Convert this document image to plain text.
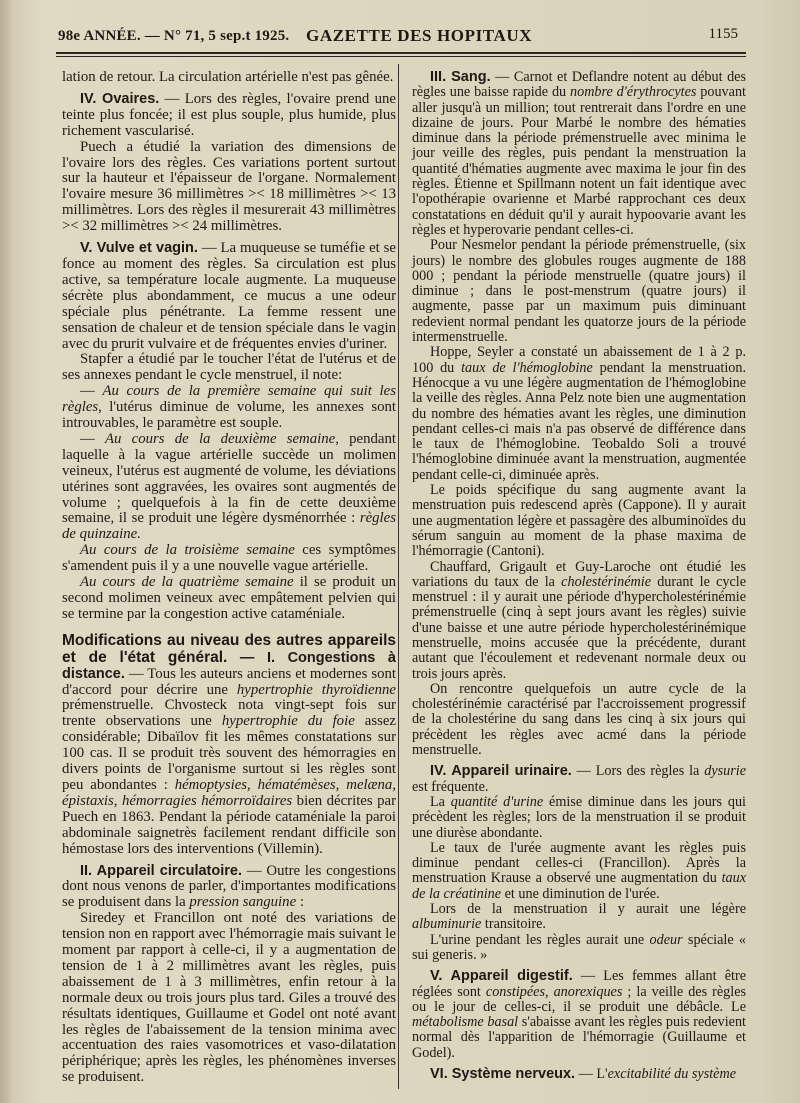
98e ANNÉE. — N° 71, 5 sep.t 1925. GAZETTE DES HOPITAUX	1155

lation de retour. La circulation artérielle n'est pas gênée.

IV. Ovaires. — Lors des règles, l'ovaire prend une teinte plus foncée; il est plus souple, plus humide, plus richement vascularisé.

Puech a étudié la variation des dimensions de l'ovaire lors des règles. Ces variations portent surtout sur la hauteur et l'épaisseur de l'organe. Normalement l'ovaire mesure 36 millimètres >< 18 millimètres >< 13 millimètres. Lors des règles il mesurerait 43 millimètres >< 32 millimètres >< 24 millimètres.

V. Vulve et vagin. — La muqueuse se tuméfie et se fonce au moment des règles. Sa circulation est plus active, sa température locale augmente. La muqueuse sécrète plus abondamment, ce mucus a une odeur spéciale plus pénétrante. La femme ressent une sensation de chaleur et de tension spéciale dans le vagin avec du prurit vulvaire et de fréquentes envies d'uriner.

Stapfer a étudié par le toucher l'état de l'utérus et de ses annexes pendant le cycle menstruel, il note:

— Au cours de la première semaine qui suit les règles, l'utérus diminue de volume, les annexes sont introuvables, le paramètre est souple.

— Au cours de la deuxième semaine, pendant laquelle à la vague artérielle succède un molimen veineux, l'utérus est augmenté de volume, les déviations utérines sont aggravées, les ovaires sont augmentés de volume ; quelquefois à la fin de cette deuxième semaine, il se produit une légère dysménorrhée : règles de quinzaine.

Au cours de la troisième semaine ces symptômes s'amendent puis il y a une nouvelle vague artérielle.

Au cours de la quatrième semaine il se produit un second molimen veineux avec empâtement pelvien qui se termine par la congestion active cataméniale.

Modifications au niveau des autres appareils et de l'état général. — I. Congestions à distance. — Tous les auteurs anciens et modernes sont d'accord pour décrire une hypertrophie thyroïdienne prémenstruelle. Chvosteck nota vingt-sept fois sur trente observations une hypertrophie du foie assez considérable; Dibaïlov fit les mêmes constatations sur 100 cas. Il se produit très souvent des hémorragies en divers points de l'organisme surtout si les règles sont peu abondantes : hémoptysies, hématémèses, melæna, épistaxis, hémorragies hémorroïdaires bien décrites par Puech en 1863. Pendant la période cataméniale la paroi abdominale saignetrès facilement rendant difficile son hémostase lors des interventions (Villemin).

II. Appareil circulatoire. — Outre les congestions dont nous venons de parler, d'importantes modifications se produisent dans la pression sanguine :

Siredey et Francillon ont noté des variations de tension non en rapport avec l'hémorragie mais suivant le moment par rapport à celle-ci, il y a augmentation de tension de 1 à 2 millimètres avant les règles, puis abaissement de 1 à 3 millimètres, enfin retour à la normale deux ou trois jours plus tard. Giles a trouvé des résultats identiques, Guillaume et Godel ont noté avant les règles de l'abaissement de la tension minima avec accentuation des raies vasomotrices et vaso-dilatation périphérique; après les règles, les phénomènes inverses se produisent.

III. Sang. — Carnot et Deflandre notent au début des règles une baisse rapide du nombre d'érythrocytes pouvant aller jusqu'à un million; tout rentrerait dans l'ordre en une dizaine de jours. Pour Marbé le nombre des hématies diminue dans la période prémenstruelle avec minima le jour veille des règles, puis pendant la menstruation la quantité d'hématies augmente avec maxima le jour fin des règles. Étienne et Spillmann notent un fait identique avec l'opothérapie ovarienne et Marbé rapprochant ces deux constatations en déduit qu'il y aurait hypoovarie avant les règles et hyperovarie pendant celles-ci.

Pour Nesmelor pendant la période prémenstruelle, (six jours) le nombre des globules rouges augmente de 188 000 ; pendant la période menstruelle (quatre jours) il diminue ; dans le post-menstrum (quatre jours) il augmente, passe par un maximum puis diminuant redevient normal pendant les quatorze jours de la période intermenstruelle.

Hoppe, Seyler a constaté un abaissement de 1 à 2 p. 100 du taux de l'hémoglobine pendant la menstruation. Hénocque a vu une légère augmentation de l'hémoglobine la veille des règles. Anna Pelz note bien une augmentation du nombre des hématies avant les règles, une diminution pendant celles-ci mais n'a pas observé de différence dans le taux de l'hémoglobine. Teobaldo Soli a trouvé l'hémoglobine diminuée avant la menstruation, augmentée pendant celle-ci, diminuée après.

Le poids spécifique du sang augmente avant la menstruation puis redescend après (Cappone). Il y aurait une augmentation légère et passagère des albuminoïdes du sérum sanguin au moment de la phase maxima de l'hémorragie (Cantoni).

Chauffard, Grigault et Guy-Laroche ont étudié les variations du taux de la cholestérinémie durant le cycle menstruel : il y aurait une période d'hypercholestérinémie prémenstruelle (cinq à sept jours avant les règles) suivie d'une baisse et une autre période hypercholestérinémique menstruelle, moins accusée que la précédente, durant autant que l'écoulement et redevenant normale deux ou trois jours après.

On rencontre quelquefois un autre cycle de la cholestérinémie caractérisé par l'accroissement progressif de la cholestérine du sang dans les cinq à six jours qui précèdent les règles avec acmé dans la période menstruelle.

IV. Appareil urinaire. — Lors des règles la dysurie est fréquente.

La quantité d'urine émise diminue dans les jours qui précèdent les règles; lors de la menstruation il se produit une diurèse abondante.

Le taux de l'urée augmente avant les règles puis diminue pendant celles-ci (Francillon). Après la menstruation Krause a observé une augmentation du taux de la créatinine et une diminution de l'urée.

Lors de la menstruation il y aurait une légère albuminurie transitoire.

L'urine pendant les règles aurait une odeur spéciale « sui generis. »

V. Appareil digestif. — Les femmes allant être réglées sont constipées, anorexiques ; la veille des règles ou le jour de celles-ci, il se produit une débâcle. Le métabolisme basal s'abaisse avant les règles puis redevient normal dès l'apparition de l'hémorragie (Guillaume et Godel).

VI. Système nerveux. — L'excitabilité du système
